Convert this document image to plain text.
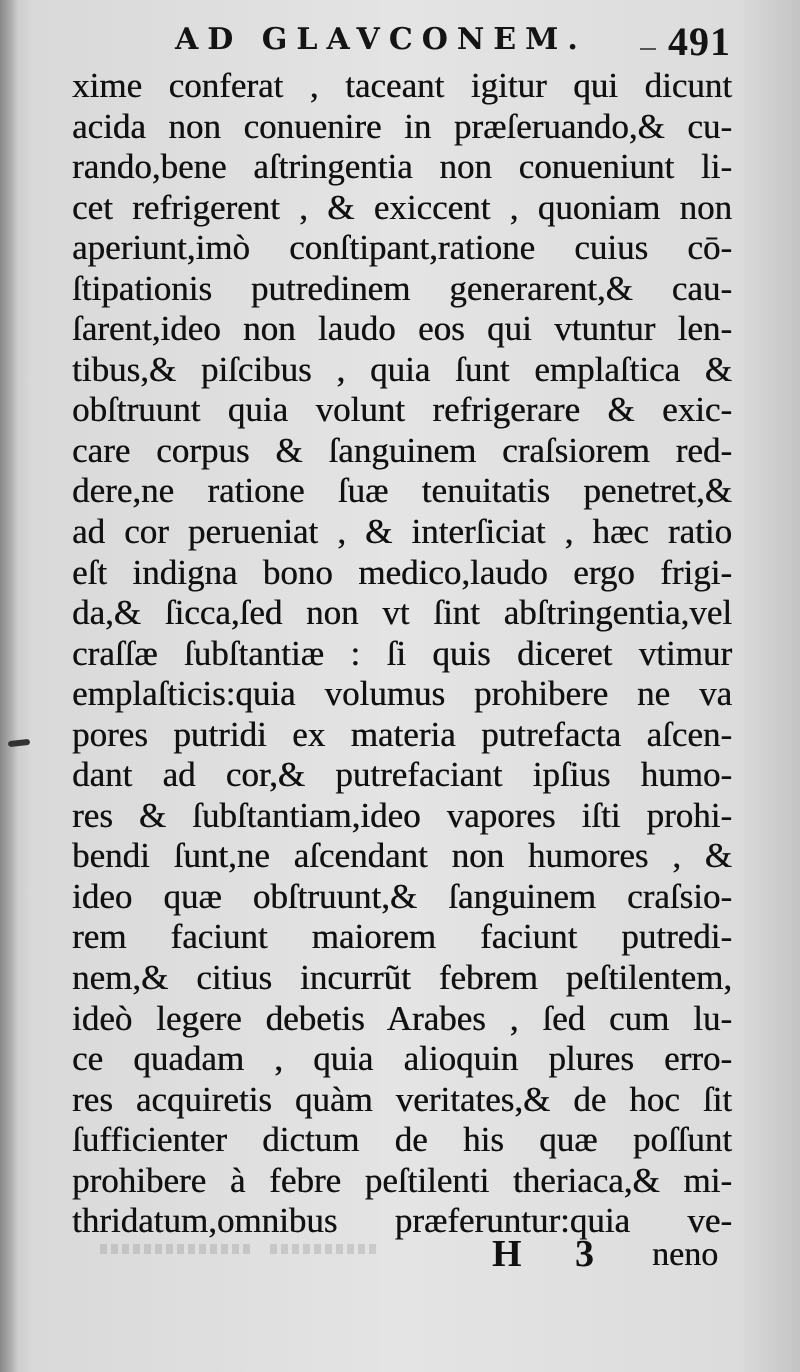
AD GLAVCONEM. 491
xime conferat , taceant igitur qui dicunt
acida non conuenire in præſeruando,& cu-
rando,bene aſtringentia non conueniunt li-
cet refrigerent , & exiccent , quoniam non
aperiunt,imò conſtipant,ratione cuius cō-
ſtipationis putredinem generarent,& cau-
ſarent,ideo non laudo eos qui vtuntur len-
tibus,& piſcibus , quia ſunt emplaſtica &
obſtruunt quia volunt refrigerare & exic-
care corpus & ſanguinem craſsiorem red-
dere,ne ratione ſuæ tenuitatis penetret,&
ad cor perueniat , & interſiciat , hæc ratio
eſt indigna bono medico,laudo ergo frigi-
da,& ſicca,ſed non vt ſint abſtringentia,vel
craſſæ ſubſtantiæ : ſi quis diceret vtimur
emplaſticis:quia volumus prohibere ne va
pores putridi ex materia putrefacta aſcen-
dant ad cor,& putrefaciant ipſius humo-
res & ſubſtantiam,ideo vapores iſti prohi-
bendi ſunt,ne aſcendant non humores , &
ideo quæ obſtruunt,& ſanguinem craſsio-
rem faciunt maiorem faciunt putredi-
nem,& citius incurrũt febrem peſtilentem,
ideò legere debetis Arabes , ſed cum lu-
ce quadam , quia alioquin plures erro-
res acquiretis quàm veritates,& de hoc ſit
ſufficienter dictum de his quæ poſſunt
prohibere à febre peſtilenti theriaca,& mi-
thridatum,omnibus præferuntur:quia ve-
H 3 neno
